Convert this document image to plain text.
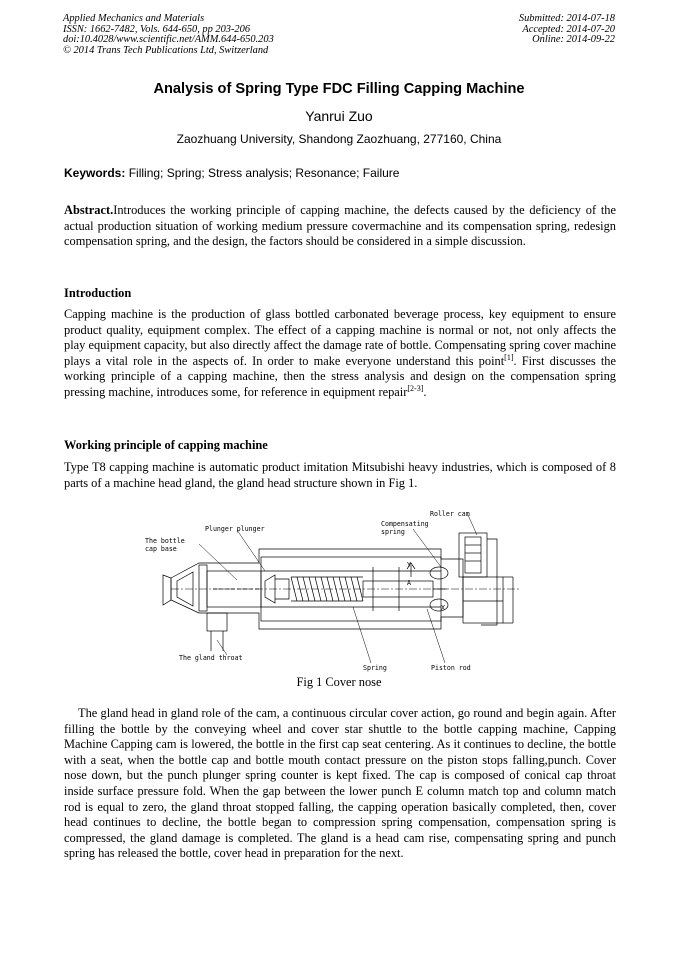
Applied Mechanics and Materials
ISSN: 1662-7482, Vols. 644-650, pp 203-206
doi:10.4028/www.scientific.net/AMM.644-650.203
© 2014 Trans Tech Publications Ltd, Switzerland
Submitted: 2014-07-18
Accepted: 2014-07-20
Online: 2014-09-22
Analysis of Spring Type FDC Filling Capping Machine
Yanrui Zuo
Zaozhuang University, Shandong Zaozhuang, 277160, China
Keywords: Filling; Spring; Stress analysis; Resonance; Failure
Abstract.Introduces the working principle of capping machine, the defects caused by the deficiency of the actual production situation of working medium pressure covermachine and its compensation spring, redesign compensation spring, and the design, the factors should be considered in a simple discussion.
Introduction
Capping machine is the production of glass bottled carbonated beverage process, key equipment to ensure product quality, equipment complex. The effect of a capping machine is normal or not, not only affects the play equipment capacity, but also directly affect the damage rate of bottle. Compensating spring cover machine plays a vital role in the aspects of. In order to make everyone understand this point[1]. First discusses the working principle of a capping machine, then the stress analysis and design on the compensation spring pressing machine, introduces some, for reference in equipment repair[2-3].
Working principle of capping machine
Type T8 capping machine is automatic product imitation Mitsubishi heavy industries, which is composed of 8 parts of a machine head gland, the gland head structure shown in Fig 1.
The bottle
cap base
Plunger plunger
Compensating
spring
Roller cam
The gland throat
Spring	Piston rod
Y
A
X
Fig 1 Cover nose
The gland head in gland role of the cam, a continuous circular cover action, go round and begin again. After filling the bottle by the conveying wheel and cover star shuttle to the bottle capping machine, Capping Machine Capping cam is lowered, the bottle in the first cap seat centering. As it continues to decline, the bottle with a seat, when the bottle cap and bottle mouth contact pressure on the piston stops falling,punch. Cover nose down, but the punch plunger spring counter is kept fixed. The cap is composed of conical cap throat inside surface pressure fold. When the gap between the lower punch E column match top and column match rod is equal to zero, the gland throat stopped falling, the capping operation basically completed, then, cover head continues to decline, the bottle began to compression spring compensation, compensation spring is compressed, the gland damage is completed. The gland is a head cam rise, compensating spring and punch spring has released the bottle, cover head in preparation for the next.
